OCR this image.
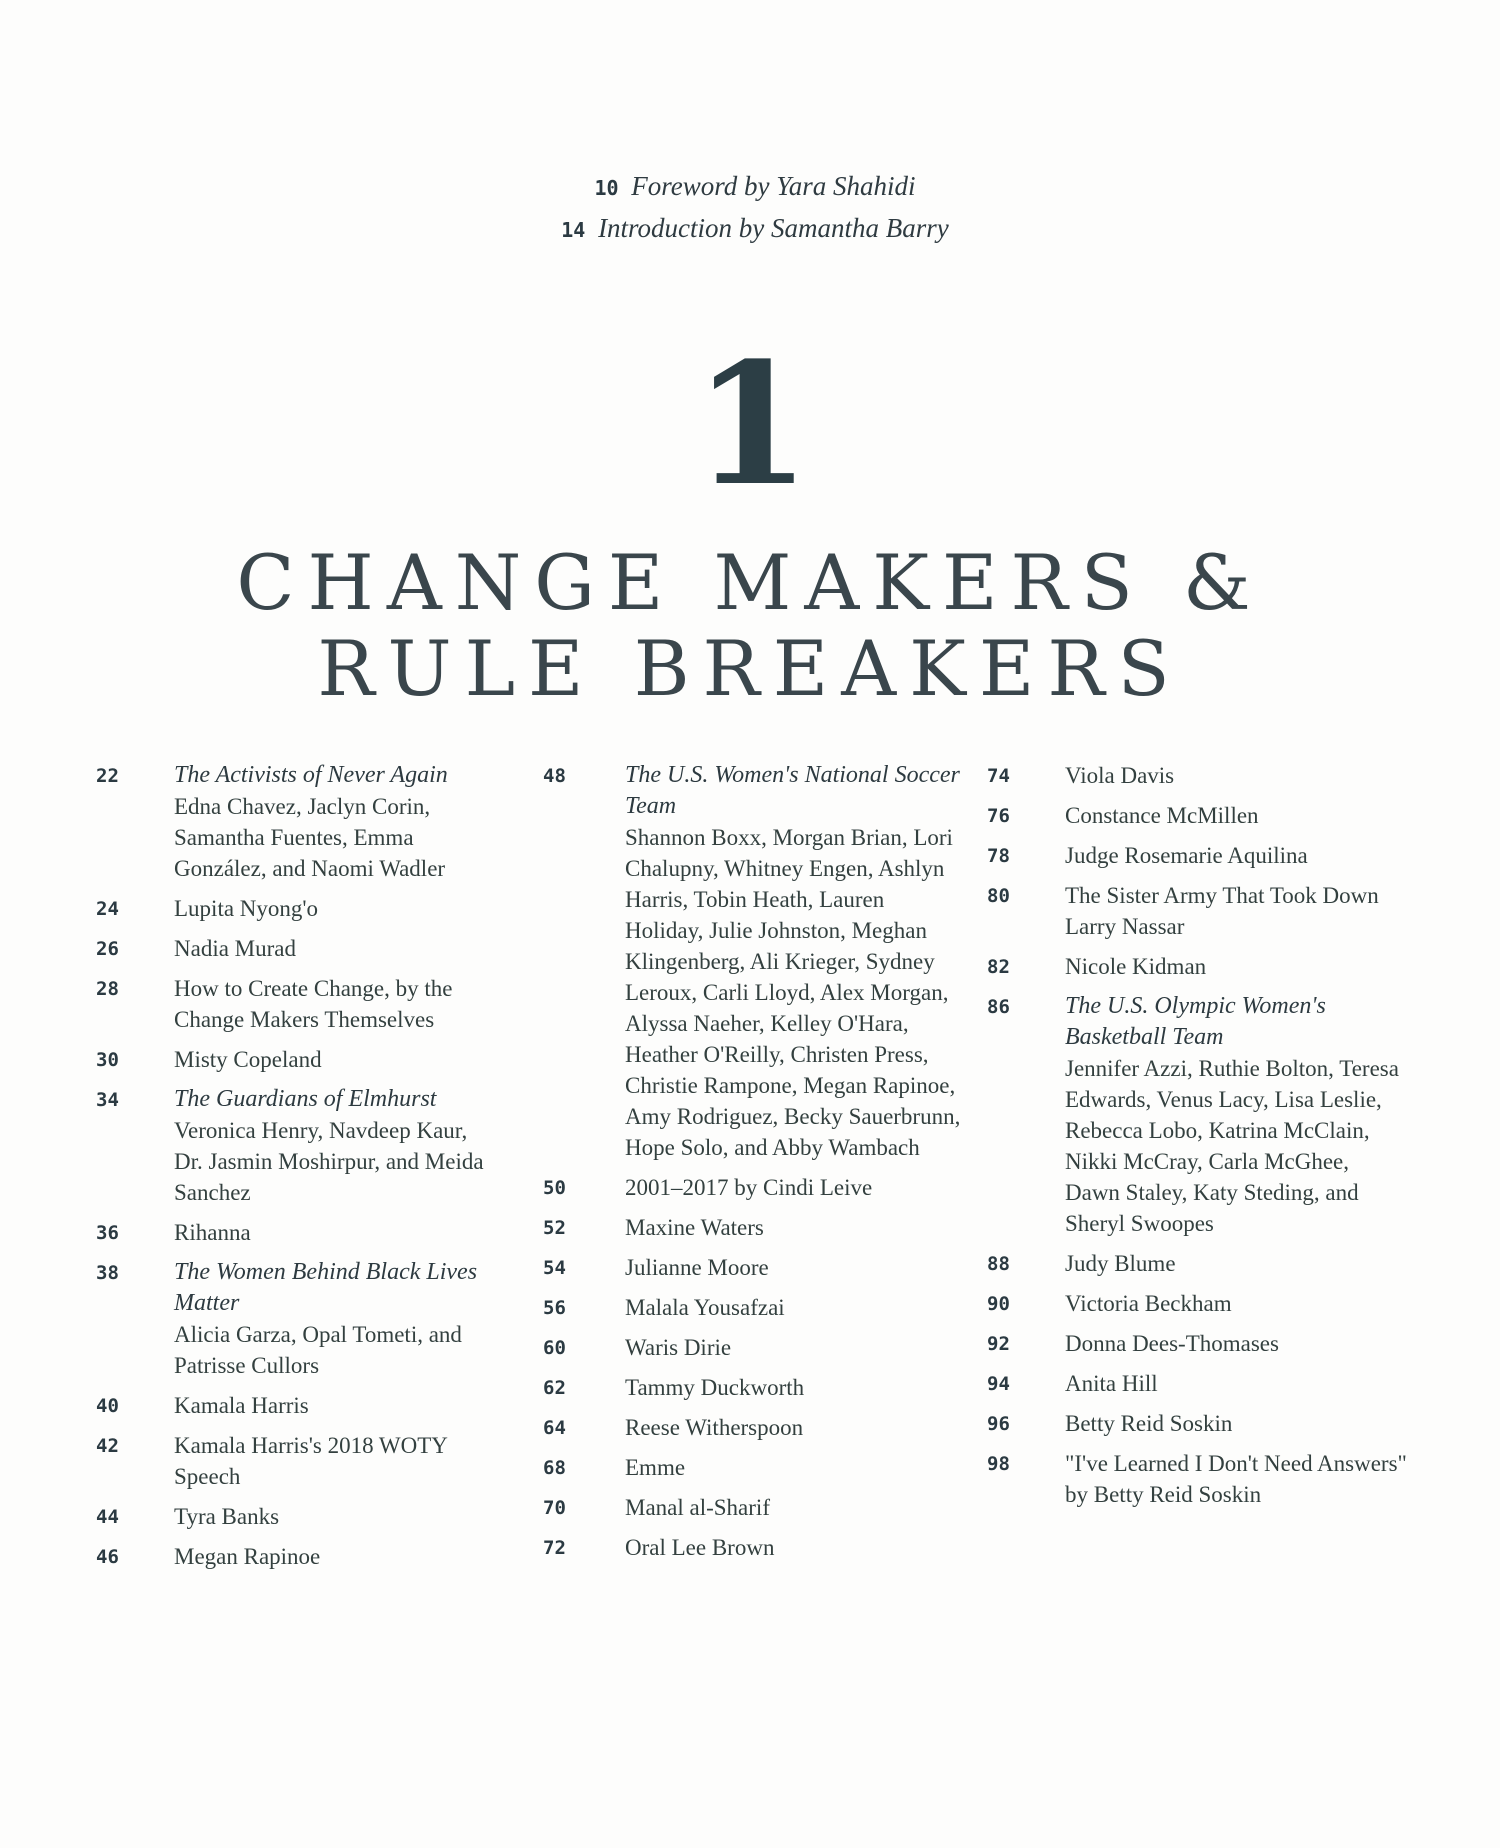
10 Foreword by Yara Shahidi
14 Introduction by Samantha Barry
1
CHANGE MAKERS &
RULE BREAKERS
22	The Activists of Never Again
Edna Chavez, Jaclyn Corin, Samantha Fuentes, Emma González, and Naomi Wadler
24	Lupita Nyong'o
26	Nadia Murad
28	How to Create Change, by the Change Makers Themselves
30	Misty Copeland
34	The Guardians of Elmhurst
Veronica Henry, Navdeep Kaur, Dr. Jasmin Moshirpur, and Meida Sanchez
36	Rihanna
38	The Women Behind Black Lives Matter
Alicia Garza, Opal Tometi, and Patrisse Cullors
40	Kamala Harris
42	Kamala Harris's 2018 WOTY Speech
44	Tyra Banks
46	Megan Rapinoe
48	The U.S. Women's National Soccer Team
Shannon Boxx, Morgan Brian, Lori Chalupny, Whitney Engen, Ashlyn Harris, Tobin Heath, Lauren Holiday, Julie Johnston, Meghan Klingenberg, Ali Krieger, Sydney Leroux, Carli Lloyd, Alex Morgan, Alyssa Naeher, Kelley O'Hara, Heather O'Reilly, Christen Press, Christie Rampone, Megan Rapinoe, Amy Rodriguez, Becky Sauerbrunn, Hope Solo, and Abby Wambach
50	2001–2017 by Cindi Leive
52	Maxine Waters
54	Julianne Moore
56	Malala Yousafzai
60	Waris Dirie
62	Tammy Duckworth
64	Reese Witherspoon
68	Emme
70	Manal al-Sharif
72	Oral Lee Brown
74	Viola Davis
76	Constance McMillen
78	Judge Rosemarie Aquilina
80	The Sister Army That Took Down Larry Nassar
82	Nicole Kidman
86	The U.S. Olympic Women's Basketball Team
Jennifer Azzi, Ruthie Bolton, Teresa Edwards, Venus Lacy, Lisa Leslie, Rebecca Lobo, Katrina McClain, Nikki McCray, Carla McGhee, Dawn Staley, Katy Steding, and Sheryl Swoopes
88	Judy Blume
90	Victoria Beckham
92	Donna Dees-Thomases
94	Anita Hill
96	Betty Reid Soskin
98	"I've Learned I Don't Need Answers" by Betty Reid Soskin
